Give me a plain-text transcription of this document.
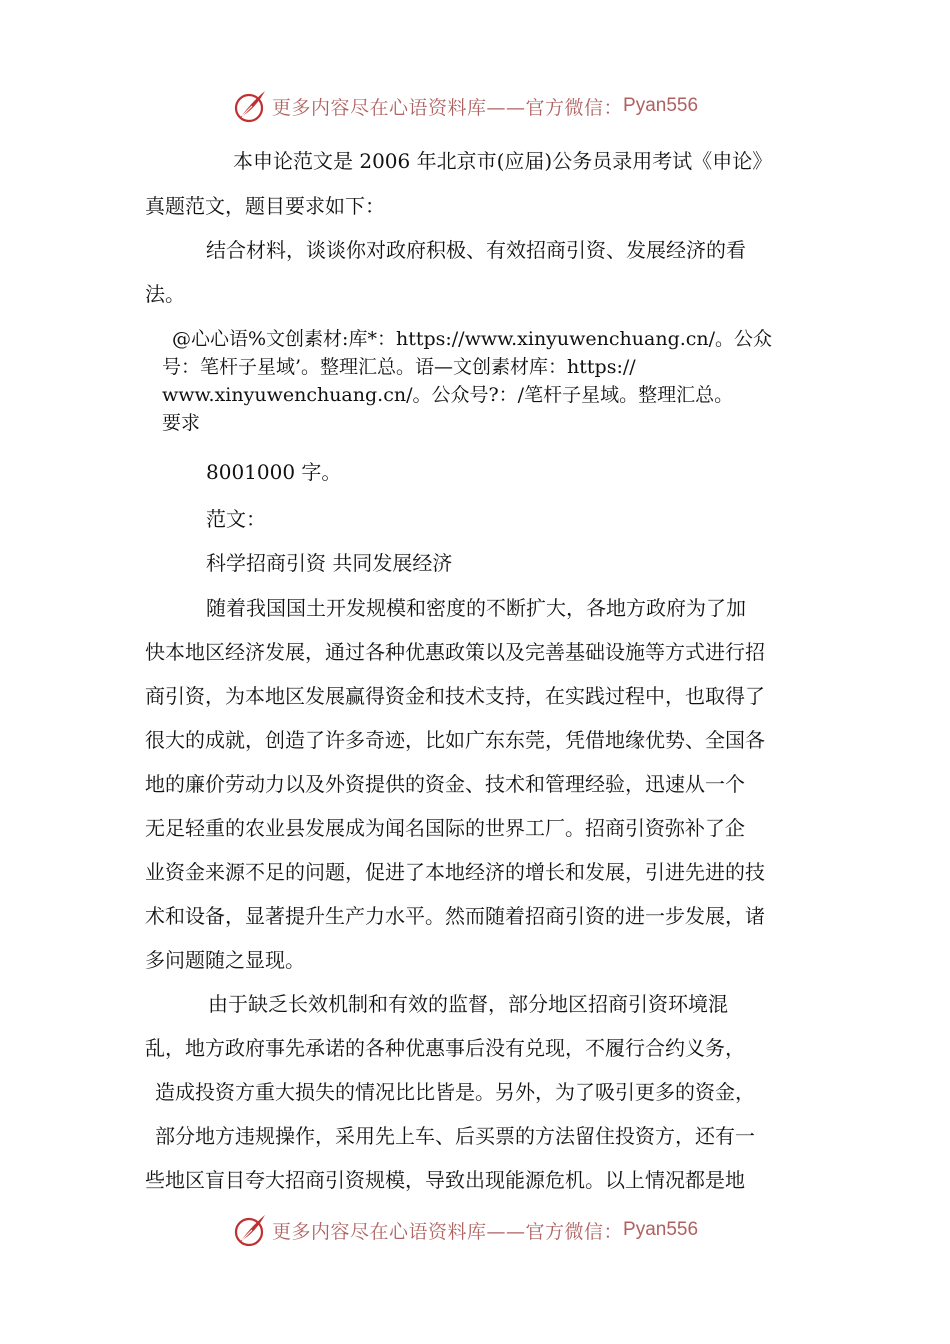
更多内容尽在心语资料库——官方微信： Pyan556
本申论范文是 2006 年北京市(应届)公务员录用考试《申论》
真题范文，题目要求如下：
结合材料，谈谈你对政府积极、有效招商引资、发展经济的看
法。
@心心语%文创素材:库*：https://www.xinyuwenchuang.cn/。公众
号：笔杆子星域’。整理汇总。语—文创素材库：https://
www.xinyuwenchuang.cn/。公众号?：/笔杆子星域。整理汇总。
要求
8001000 字。
范文：
科学招商引资 共同发展经济
随着我国国土开发规模和密度的不断扩大，各地方政府为了加
快本地区经济发展，通过各种优惠政策以及完善基础设施等方式进行招
商引资，为本地区发展赢得资金和技术支持，在实践过程中，也取得了
很大的成就，创造了许多奇迹，比如广东东莞，凭借地缘优势、全国各
地的廉价劳动力以及外资提供的资金、技术和管理经验，迅速从一个
无足轻重的农业县发展成为闻名国际的世界工厂。招商引资弥补了企
业资金来源不足的问题，促进了本地经济的增长和发展，引进先进的技
术和设备，显著提升生产力水平。然而随着招商引资的进一步发展，诸
多问题随之显现。
由于缺乏长效机制和有效的监督，部分地区招商引资环境混
乱，地方政府事先承诺的各种优惠事后没有兑现，不履行合约义务，
造成投资方重大损失的情况比比皆是。另外，为了吸引更多的资金，
部分地方违规操作，采用先上车、后买票的方法留住投资方，还有一
些地区盲目夸大招商引资规模，导致出现能源危机。以上情况都是地
更多内容尽在心语资料库——官方微信： Pyan556
